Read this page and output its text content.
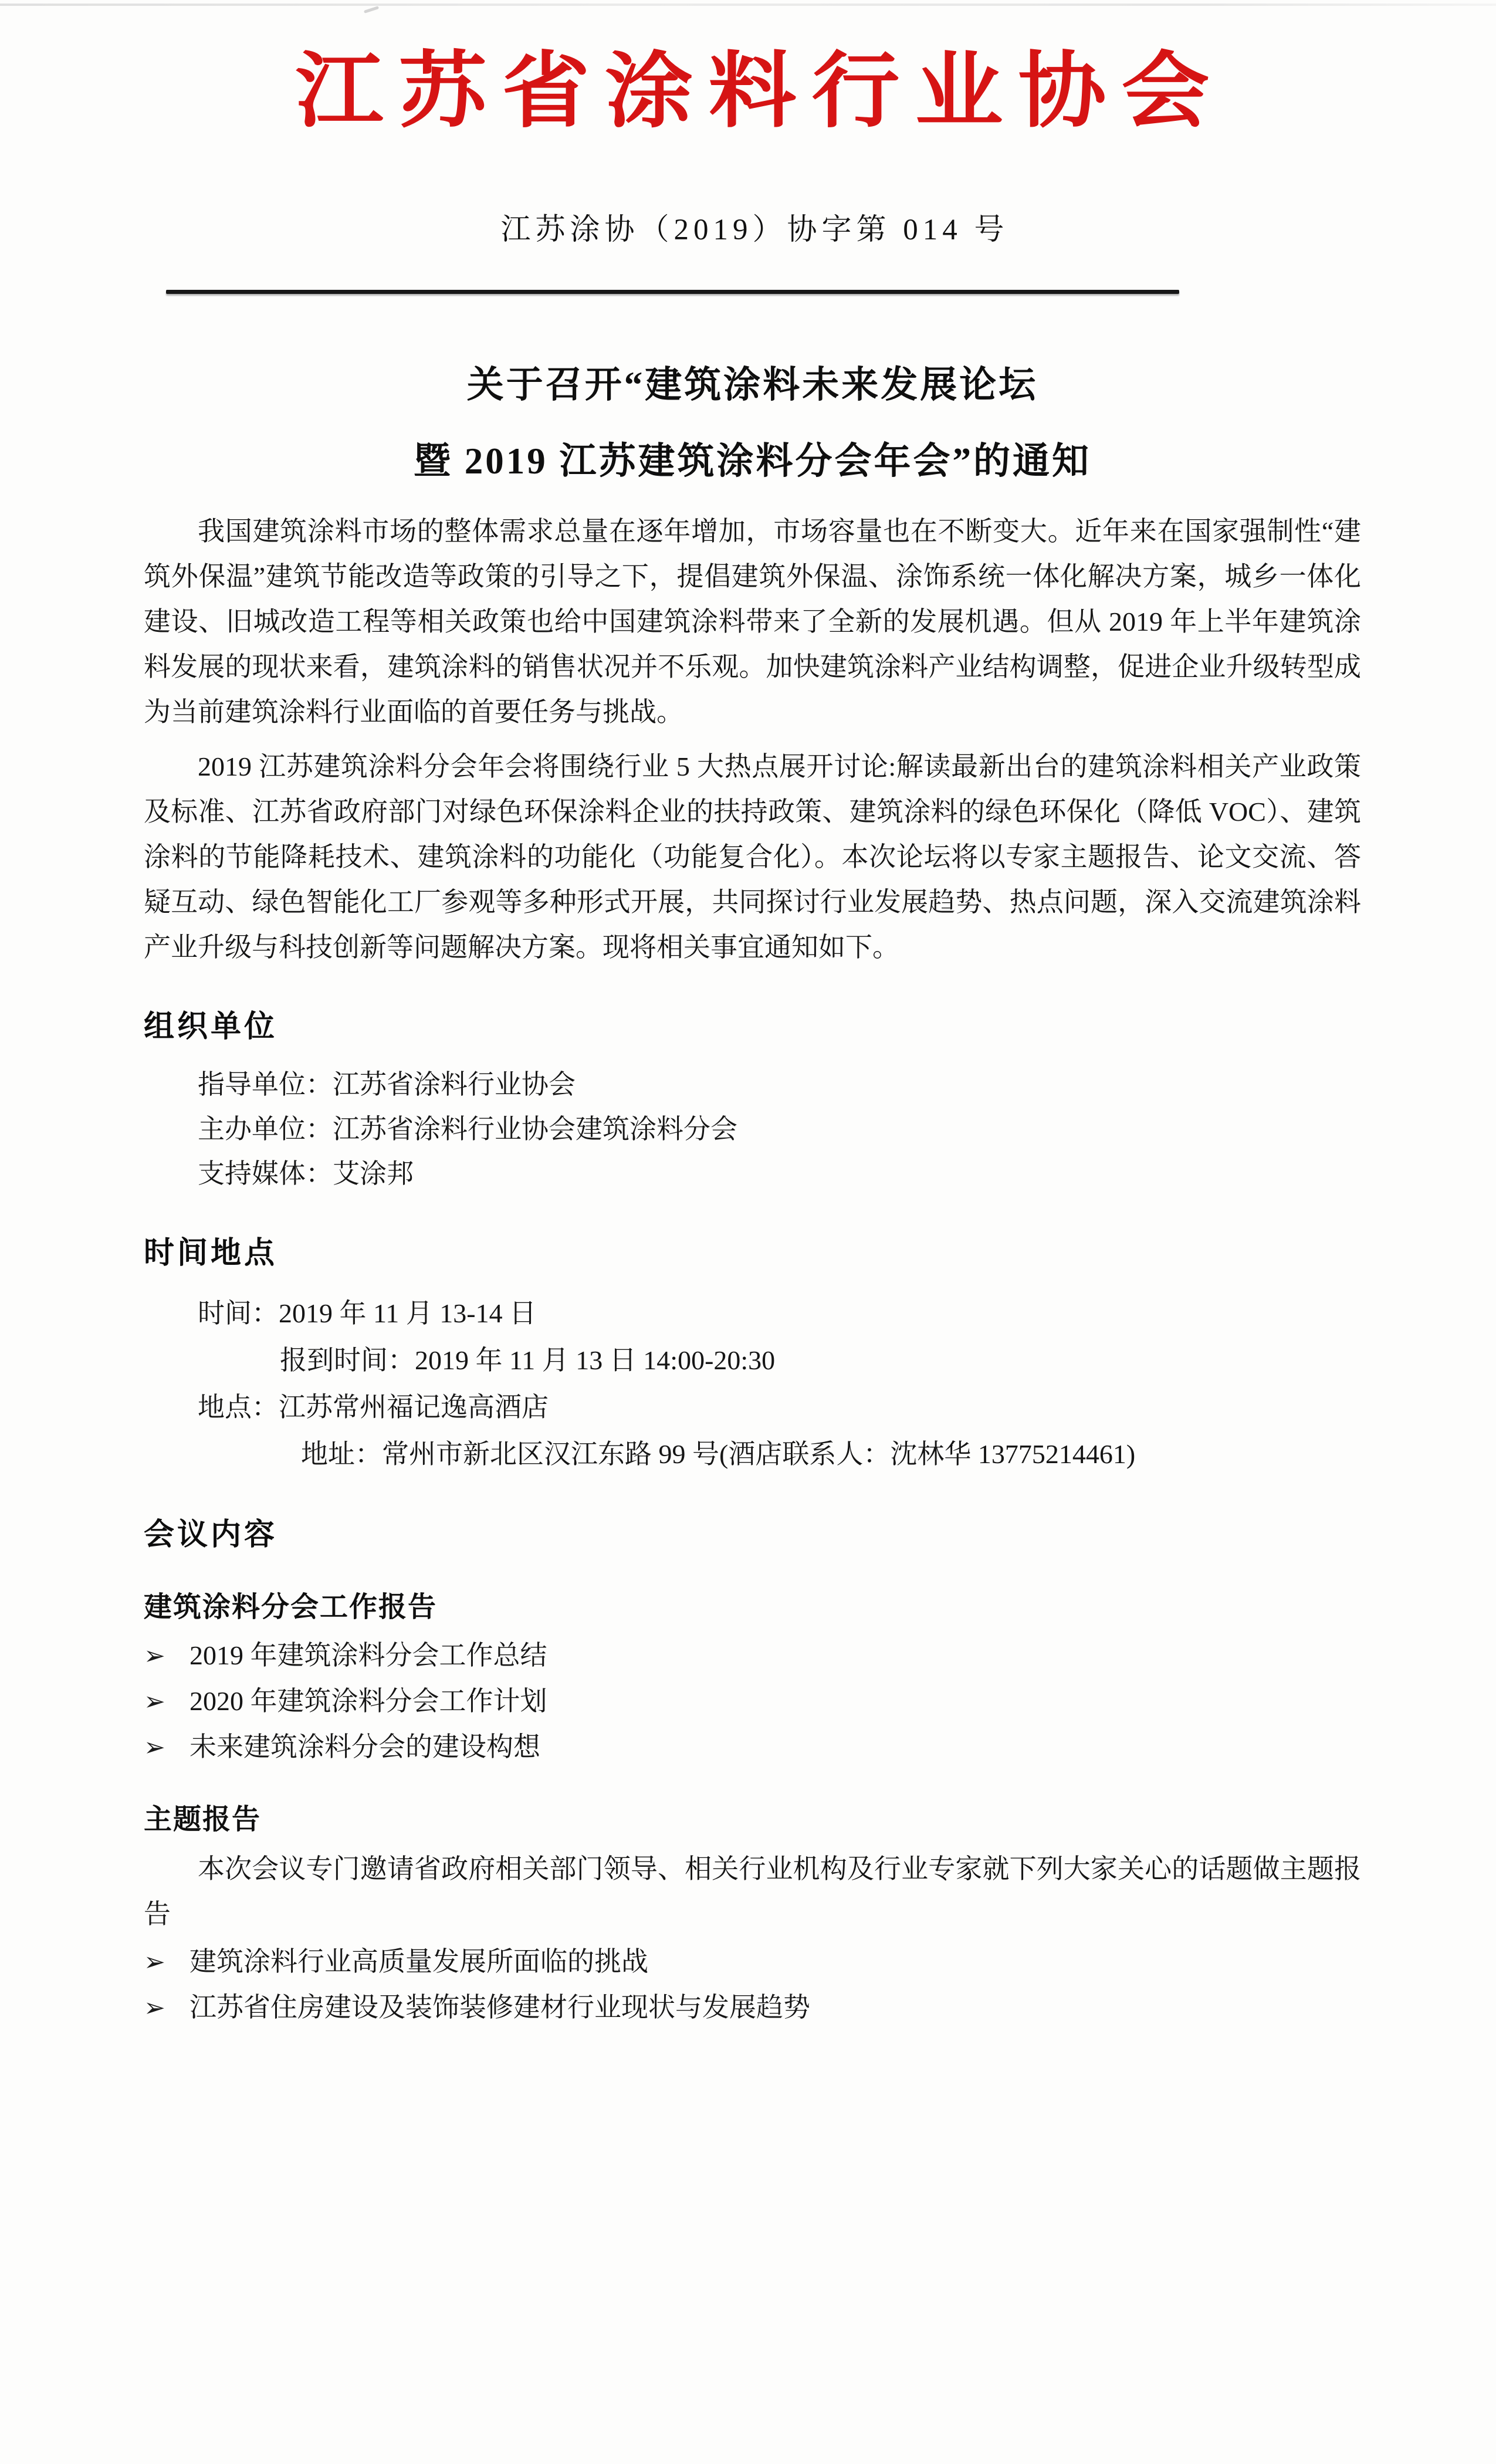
江苏省涂料行业协会
江苏涂协（2019）协字第 014 号
关于召开“建筑涂料未来发展论坛
暨 2019 江苏建筑涂料分会年会”的通知

我国建筑涂料市场的整体需求总量在逐年增加，市场容量也在不断变大。近年来在国家强制性“建筑外保温”建筑节能改造等政策的引导之下，提倡建筑外保温、涂饰系统一体化解决方案，城乡一体化建设、旧城改造工程等相关政策也给中国建筑涂料带来了全新的发展机遇。但从 2019 年上半年建筑涂料发展的现状来看，建筑涂料的销售状况并不乐观。加快建筑涂料产业结构调整，促进企业升级转型成为当前建筑涂料行业面临的首要任务与挑战。

2019 江苏建筑涂料分会年会将围绕行业 5 大热点展开讨论:解读最新出台的建筑涂料相关产业政策及标准、江苏省政府部门对绿色环保涂料企业的扶持政策、建筑涂料的绿色环保化（降低 VOC）、建筑涂料的节能降耗技术、建筑涂料的功能化（功能复合化）。本次论坛将以专家主题报告、论文交流、答疑互动、绿色智能化工厂参观等多种形式开展，共同探讨行业发展趋势、热点问题，深入交流建筑涂料产业升级与科技创新等问题解决方案。现将相关事宜通知如下。

组织单位
指导单位：江苏省涂料行业协会
主办单位：江苏省涂料行业协会建筑涂料分会
支持媒体：艾涂邦
时间地点
时间：2019 年 11 月 13-14 日
报到时间：2019 年 11 月 13 日 14:00-20:30
地点：江苏常州福记逸高酒店
地址：常州市新北区汉江东路 99 号(酒店联系人：沈林华 13775214461)
会议内容
建筑涂料分会工作报告
➢ 2019 年建筑涂料分会工作总结
➢ 2020 年建筑涂料分会工作计划
➢ 未来建筑涂料分会的建设构想
主题报告

本次会议专门邀请省政府相关部门领导、相关行业机构及行业专家就下列大家关心的话题做主题报告

➢ 建筑涂料行业高质量发展所面临的挑战
➢ 江苏省住房建设及装饰装修建材行业现状与发展趋势
